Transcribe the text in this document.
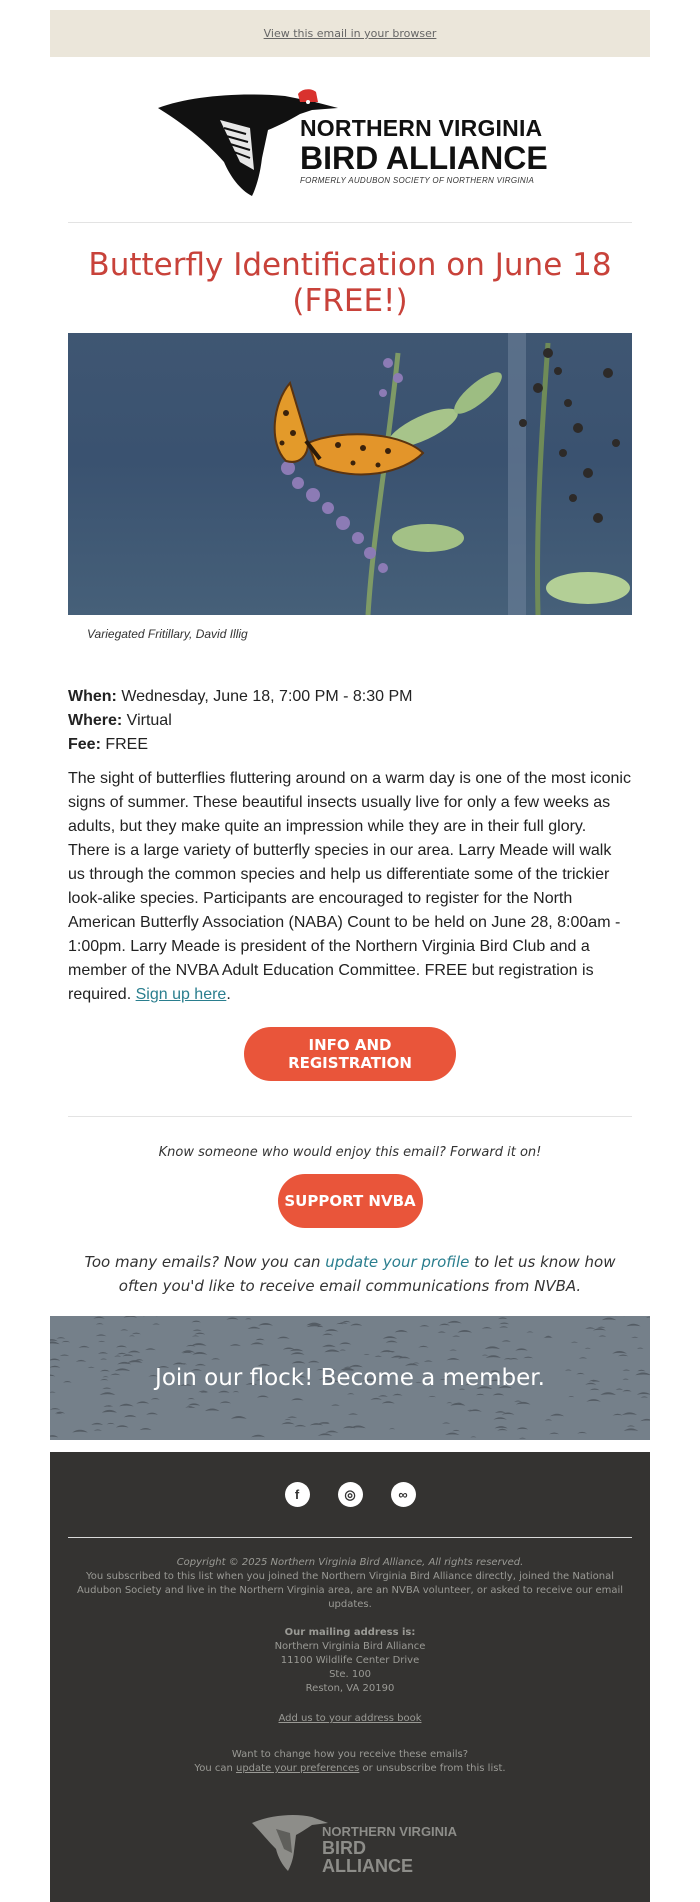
View this email in your browser
NORTHERN VIRGINIA
BIRD ALLIANCE
FORMERLY AUDUBON SOCIETY OF NORTHERN VIRGINIA
Butterfly Identification on June 18 (FREE!)
Variegated Fritillary, David Illig
When: Wednesday, June 18, 7:00 PM - 8:30 PM
Where: Virtual
Fee: FREE
The sight of butterflies fluttering around on a warm day is one of the most iconic signs of summer. These beautiful insects usually live for only a few weeks as adults, but they make quite an impression while they are in their full glory. There is a large variety of butterfly species in our area. Larry Meade will walk us through the common species and help us differentiate some of the trickier look-alike species. Participants are encouraged to register for the North American Butterfly Association (NABA) Count to be held on June 28, 8:00am - 1:00pm. Larry Meade is president of the Northern Virginia Bird Club and a member of the NVBA Adult Education Committee. FREE but registration is required. Sign up here.
INFO AND REGISTRATION
Know someone who would enjoy this email? Forward it on!
SUPPORT NVBA
Too many emails? Now you can update your profile to let us know how often you'd like to receive email communications from NVBA.
Join our flock! Become a member.
f	◎	∞
Copyright © 2025 Northern Virginia Bird Alliance, All rights reserved.
You subscribed to this list when you joined the Northern Virginia Bird Alliance directly, joined the National Audubon Society and live in the Northern Virginia area, are an NVBA volunteer, or asked to receive our email updates.
Our mailing address is:
Northern Virginia Bird Alliance
11100 Wildlife Center Drive
Ste. 100
Reston, VA 20190
Add us to your address book
Want to change how you receive these emails?
You can update your preferences or unsubscribe from this list.
NORTHERN VIRGINIA
BIRD ALLIANCE
